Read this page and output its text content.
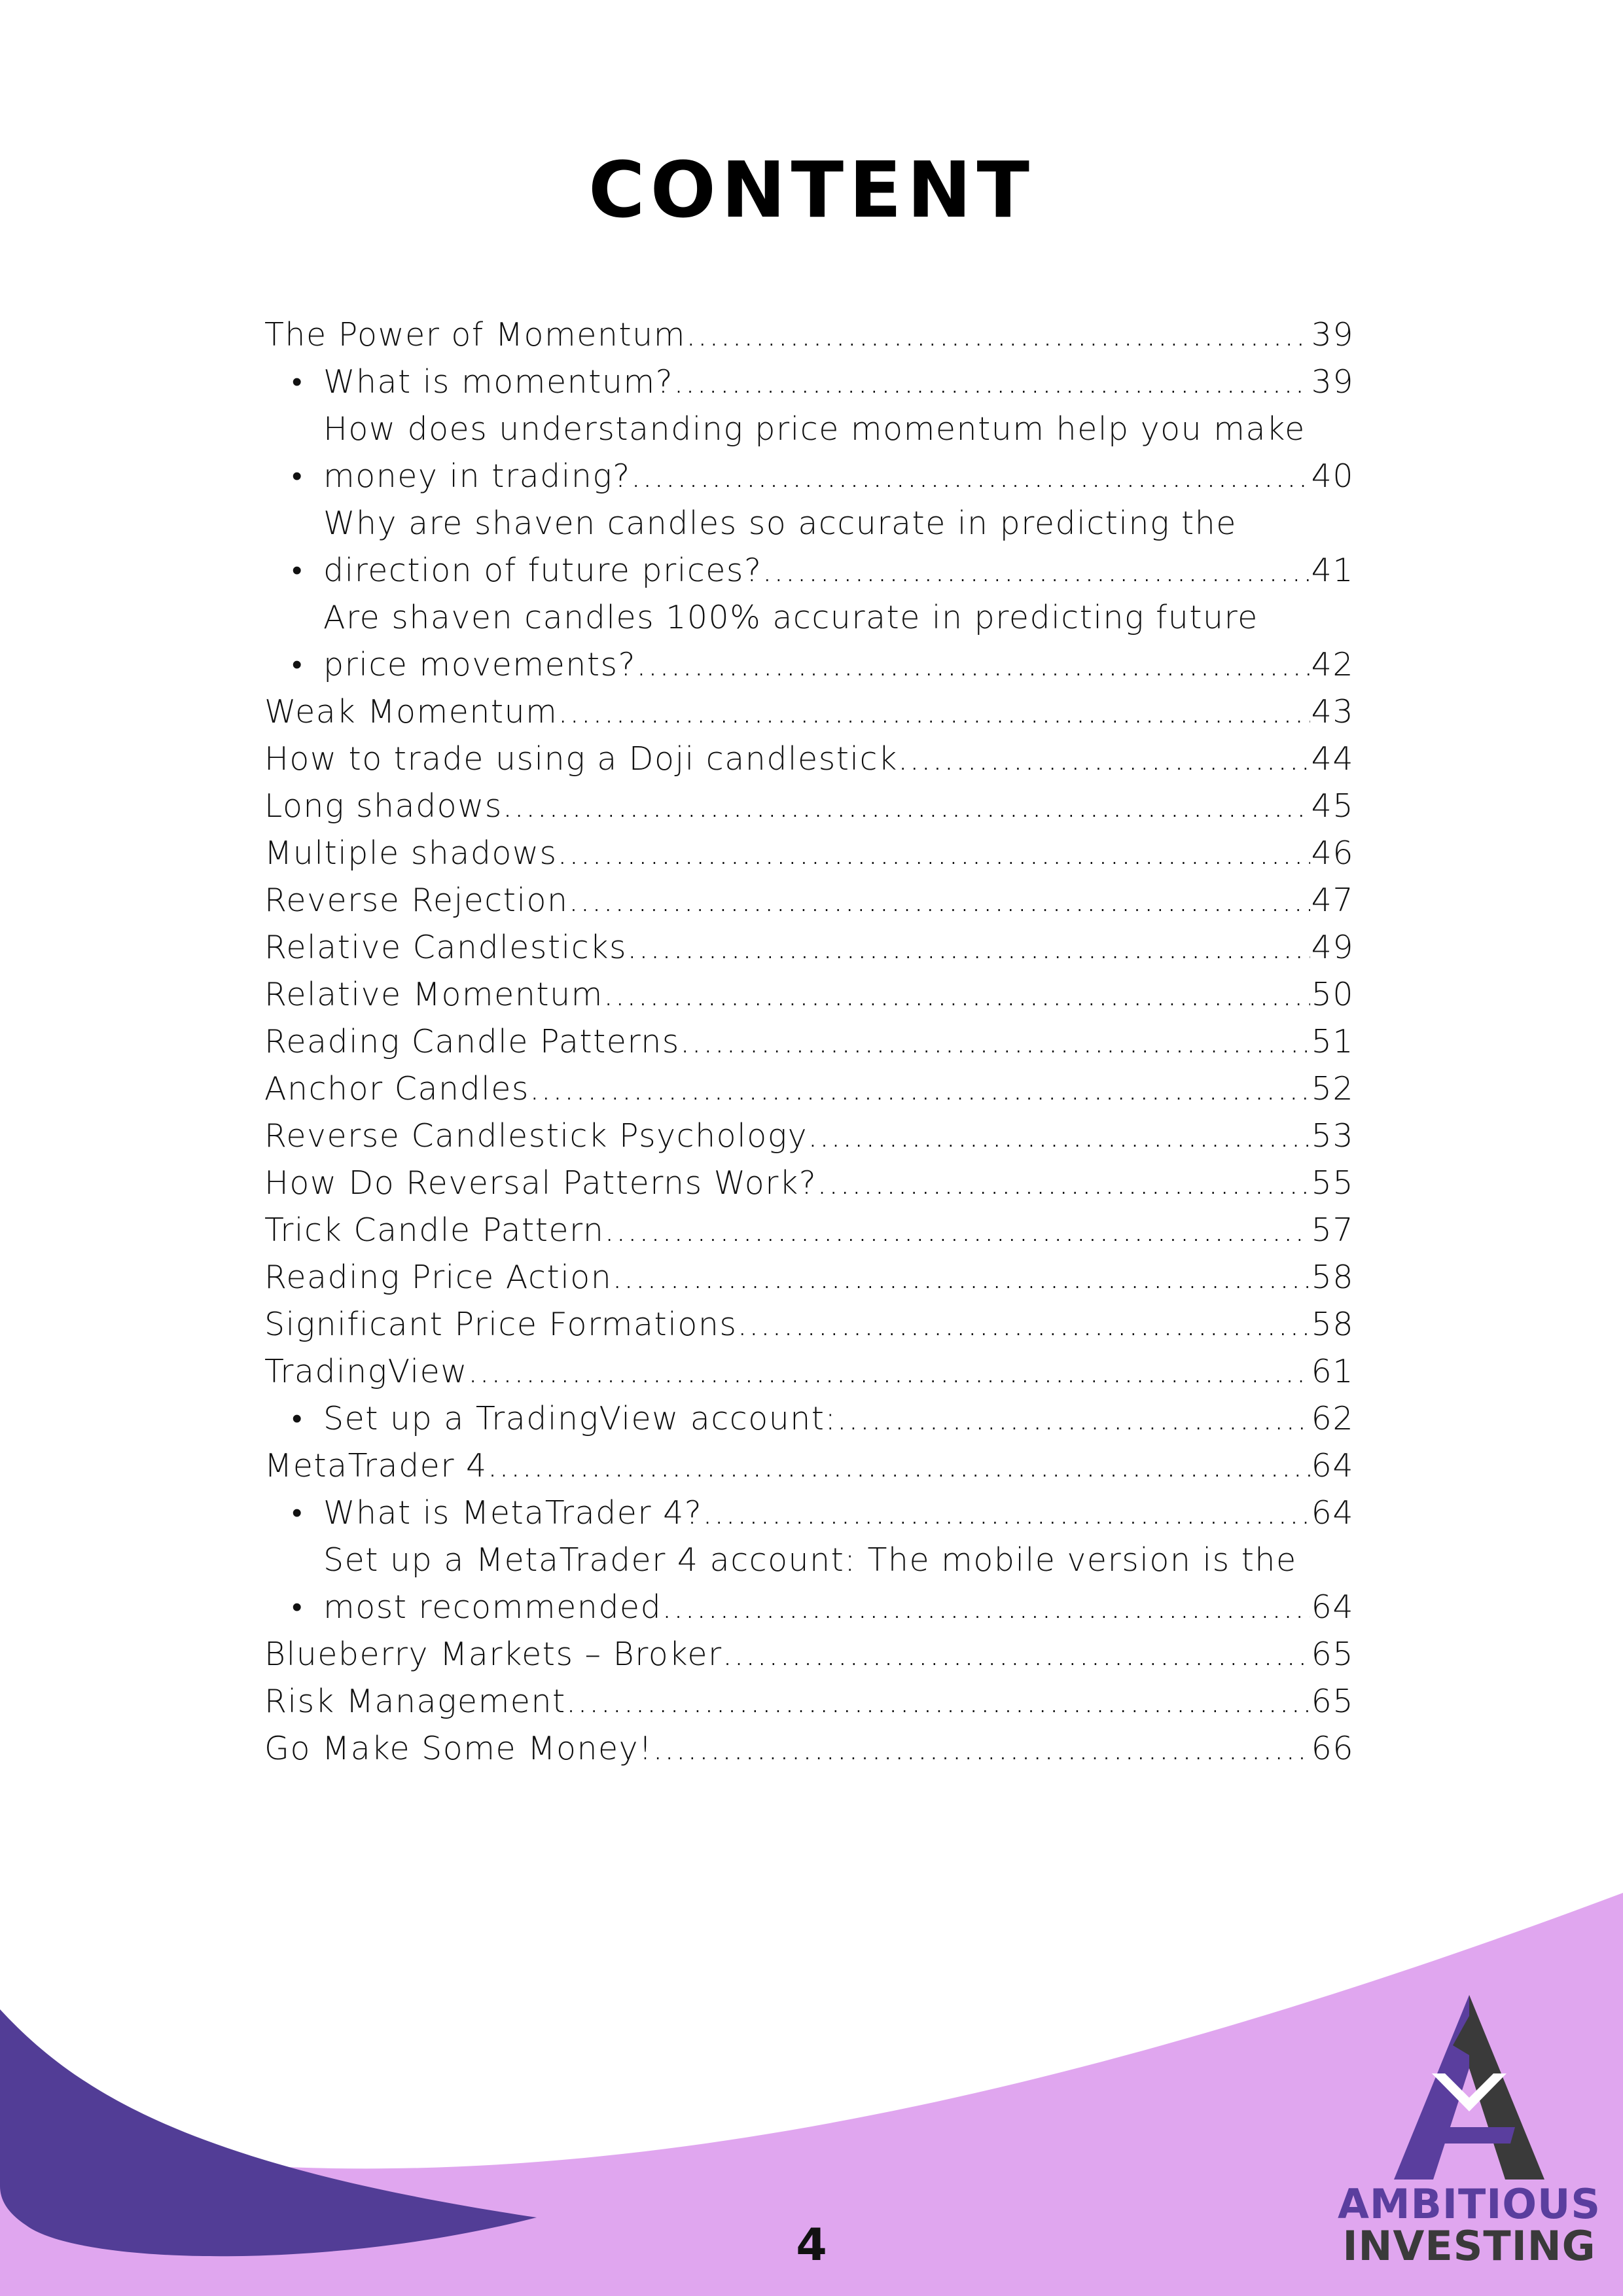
CONTENT
The Power of Momentum .....	39
• What is momentum? .....	39
• How does understanding price momentum help you make
money in trading? .....	40
• Why are shaven candles so accurate in predicting the
direction of future prices? .....	41
• Are shaven candles 100% accurate in predicting future
price movements? .....	42
Weak Momentum .....	43
How to trade using a Doji candlestick .....	44
Long shadows .....	45
Multiple shadows .....	46
Reverse Rejection .....	47
Relative Candlesticks .....	49
Relative Momentum .....	50
Reading Candle Patterns .....	51
Anchor Candles .....	52
Reverse Candlestick Psychology .....	53
How Do Reversal Patterns Work? .....	55
Trick Candle Pattern .....	57
Reading Price Action .....	58
Significant Price Formations .....	58
TradingView .....	61
• Set up a TradingView account: .....	62
MetaTrader 4 .....	64
• What is MetaTrader 4? .....	64
• Set up a MetaTrader 4 account: The mobile version is the
most recommended .....	64
Blueberry Markets – Broker .....	65
Risk Management .....	65
Go Make Some Money! .....	66
4
AMBITIOUS
INVESTING
